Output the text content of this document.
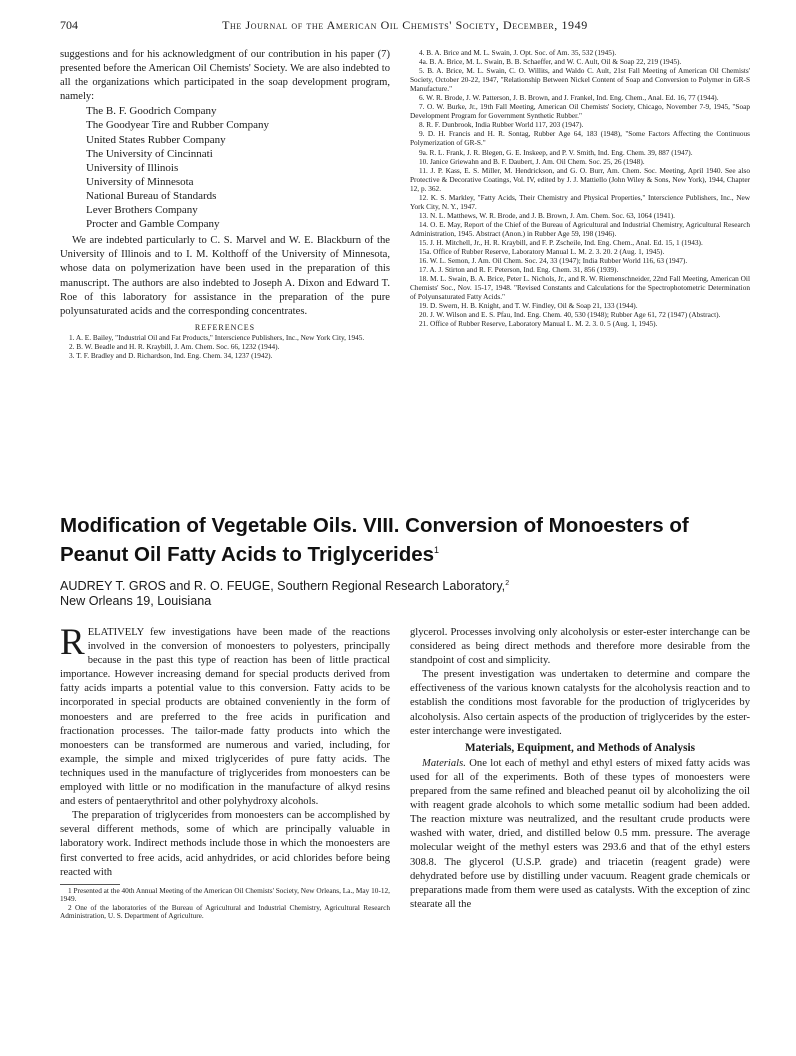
704	The Journal of the American Oil Chemists' Society, December, 1949

suggestions and for his acknowledgment of our contribution in his paper (7) presented before the American Oil Chemists' Society. We are also indebted to all the organizations which participated in the soap development program, namely:

The B. F. Goodrich Company
The Goodyear Tire and Rubber Company
United States Rubber Company
The University of Cincinnati
University of Illinois
University of Minnesota
National Bureau of Standards
Lever Brothers Company
Procter and Gamble Company

We are indebted particularly to C. S. Marvel and W. E. Blackburn of the University of Illinois and to I. M. Kolthoff of the University of Minnesota, whose data on polymerization have been used in the preparation of this manuscript. The authors are also indebted to Joseph A. Dixon and Edward T. Roe of this laboratory for assistance in the preparation of the pure polyunsaturated acids and the corresponding concentrates.

REFERENCES

1. A. E. Bailey, "Industrial Oil and Fat Products," Interscience Publishers, Inc., New York City, 1945.

2. B. W. Beadle and H. R. Kraybill, J. Am. Chem. Soc. 66, 1232 (1944).

3. T. F. Bradley and D. Richardson, Ind. Eng. Chem. 34, 1237 (1942).

4. B. A. Brice and M. L. Swain, J. Opt. Soc. of Am. 35, 532 (1945).

4a. B. A. Brice, M. L. Swain, B. B. Schaeffer, and W. C. Ault, Oil & Soap 22, 219 (1945).

5. B. A. Brice, M. L. Swain, C. O. Willits, and Waldo C. Ault, 21st Fall Meeting of American Oil Chemists' Society, October 20-22, 1947, "Relationship Between Nickel Content of Soap and Conversion to Polymer in GR-S Manufacture."

6. W. R. Brode, J. W. Patterson, J. B. Brown, and J. Frankel, Ind. Eng. Chem., Anal. Ed. 16, 77 (1944).

7. O. W. Burke, Jr., 19th Fall Meeting, American Oil Chemists' Society, Chicago, November 7-9, 1945, "Soap Development Program for Government Synthetic Rubber."

8. R. F. Dunbrook, India Rubber World 117, 203 (1947).

9. D. H. Francis and H. R. Sontag, Rubber Age 64, 183 (1948), "Some Factors Affecting the Continuous Polymerization of GR-S."

9a. R. L. Frank, J. R. Blegen, G. E. Inskeep, and P. V. Smith, Ind. Eng. Chem. 39, 887 (1947).

10. Janice Griewahn and B. F. Daubert, J. Am. Oil Chem. Soc. 25, 26 (1948).

11. J. P. Kass, E. S. Miller, M. Hendrickson, and G. O. Burr, Am. Chem. Soc. Meeting, April 1940. See also Protective & Decorative Coatings, Vol. IV, edited by J. J. Mattiello (John Wiley & Sons, New York), 1944, Chapter 12, p. 362.

12. K. S. Markley, "Fatty Acids, Their Chemistry and Physical Properties," Interscience Publishers, Inc., New York City, N. Y., 1947.

13. N. L. Matthews, W. R. Brode, and J. B. Brown, J. Am. Chem. Soc. 63, 1064 (1941).

14. O. E. May, Report of the Chief of the Bureau of Agricultural and Industrial Chemistry, Agricultural Research Administration, 1945. Abstract (Anon.) in Rubber Age 59, 198 (1946).

15. J. H. Mitchell, Jr., H. R. Kraybill, and F. P. Zscheile, Ind. Eng. Chem., Anal. Ed. 15, 1 (1943).

15a. Office of Rubber Reserve, Laboratory Manual L. M. 2. 3. 20. 2 (Aug. 1, 1945).

16. W. L. Semon, J. Am. Oil Chem. Soc. 24, 33 (1947); India Rubber World 116, 63 (1947).

17. A. J. Stirton and R. F. Peterson, Ind. Eng. Chem. 31, 856 (1939).

18. M. L. Swain, B. A. Brice, Peter L. Nichols, Jr., and R. W. Riemenschneider, 22nd Fall Meeting, American Oil Chemists' Soc., Nov. 15-17, 1948. "Revised Constants and Calculations for the Spectrophotometric Determination of Polyunsaturated Fatty Acids."

19. D. Swern, H. B. Knight, and T. W. Findley, Oil & Soap 21, 133 (1944).

20. J. W. Wilson and E. S. Pfau, Ind. Eng. Chem. 40, 530 (1948); Rubber Age 61, 72 (1947) (Abstract).

21. Office of Rubber Reserve, Laboratory Manual L. M. 2. 3. 0. 5 (Aug. 1, 1945).

Modification of Vegetable Oils. VIII. Conversion of Monoesters of Peanut Oil Fatty Acids to Triglycerides$^1$
AUDREY T. GROS and R. O. FEUGE, Southern Regional Research Laboratory,$^2$
New Orleans 19, Louisiana

RELATIVELY few investigations have been made of the reactions involved in the conversion of monoesters to polyesters, principally because in the past this type of reaction has been of little practical importance. However increasing demand for special products derived from fatty acids imparts a potential value to this conversion. Fatty acids to be incorporated in special products are obtained conveniently in the form of monoesters and are preferred to the free acids in purification and fractionation processes. The tailor-made fatty products into which the monoesters can be transformed are numerous and varied, including, for example, the simple and mixed triglycerides of pure fatty acids. The techniques used in the manufacture of triglycerides from monoesters can be employed with little or no modification in the manufacture of alkyd resins and esters of pentaerythritol and other polyhydroxy alcohols.

The preparation of triglycerides from monoesters can be accomplished by several different methods, some of which are principally valuable in laboratory work. Indirect methods include those in which the monoesters are first converted to free acids, acid anhydrides, or acid chlorides before being reacted with

1 Presented at the 40th Annual Meeting of the American Oil Chemists' Society, New Orleans, La., May 10-12, 1949.

2 One of the laboratories of the Bureau of Agricultural and Industrial Chemistry, Agricultural Research Administration, U. S. Department of Agriculture.

glycerol. Processes involving only alcoholysis or ester-ester interchange can be considered as being direct methods and therefore more desirable from the standpoint of cost and simplicity.

The present investigation was undertaken to determine and compare the effectiveness of the various known catalysts for the alcoholysis reaction and to establish the conditions most favorable for the production of triglycerides by alcoholysis. Also certain aspects of the production of triglycerides by the ester-ester interchange were investigated.

Materials, Equipment, and Methods of Analysis

Materials. One lot each of methyl and ethyl esters of mixed fatty acids was used for all of the experiments. Both of these types of monoesters were prepared from the same refined and bleached peanut oil by alcoholizing the oil with reagent grade alcohols to which some metallic sodium had been added. The reaction mixture was neutralized, and the resultant crude products were washed with water, dried, and distilled below 0.5 mm. pressure. The average molecular weight of the methyl esters was 293.6 and that of the ethyl esters 308.8. The glycerol (U.S.P. grade) and triacetin (reagent grade) were dehydrated before use by distilling under vacuum. Reagent grade chemicals or preparations made from them were used as catalysts. With the exception of zinc stearate all the
